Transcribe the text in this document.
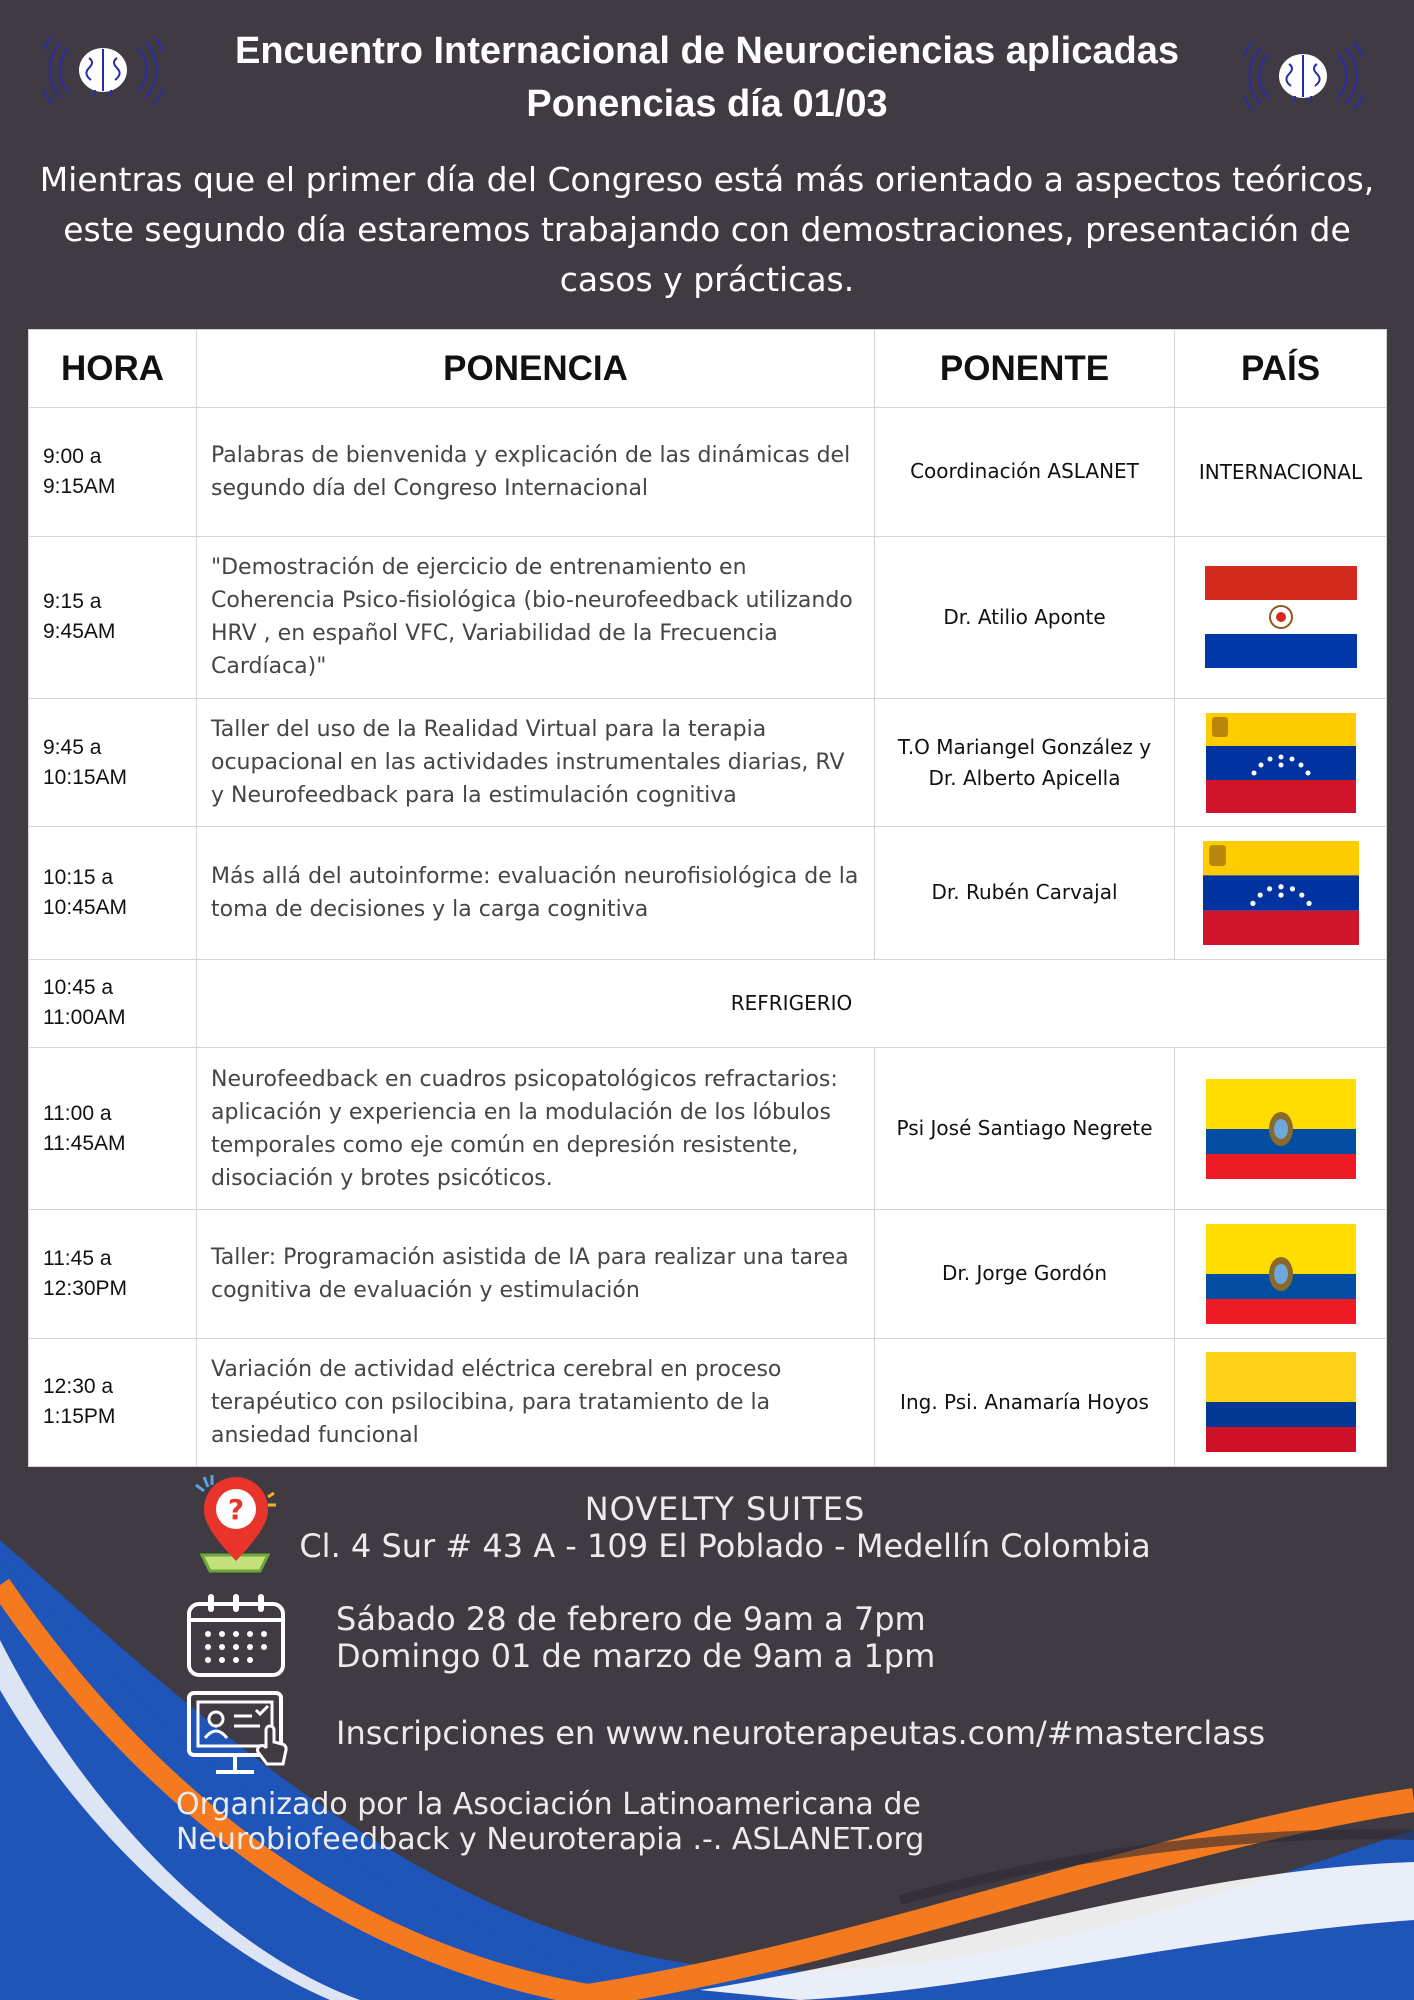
Encuentro Internacional de Neurociencias aplicadas
Ponencias día 01/03
Mientras que el primer día del Congreso está más orientado a aspectos teóricos, este segundo día estaremos trabajando con demostraciones, presentación de casos y prácticas.
HORA	PONENCIA	PONENTE	PAÍS
9:00 a
9:15AM	Palabras de bienvenida y explicación de las dinámicas del segundo día del Congreso Internacional	Coordinación ASLANET	INTERNACIONAL
9:15 a
9:45AM	"Demostración de ejercicio de entrenamiento en Coherencia Psico-fisiológica (bio-neurofeedback utilizando HRV , en español VFC, Variabilidad de la Frecuencia Cardíaca)"	Dr. Atilio Aponte	

9:45 a
10:15AM	Taller del uso de la Realidad Virtual para la terapia ocupacional en las actividades instrumentales diarias, RV y Neurofeedback para la estimulación cognitiva	T.O Mariangel González y
Dr. Alberto Apicella	

10:15 a
10:45AM	Más allá del autoinforme: evaluación neurofisiológica de la toma de decisiones y la carga cognitiva	Dr. Rubén Carvajal	

10:45 a
11:00AM	REFRIGERIO		
11:00 a
11:45AM	Neurofeedback en cuadros psicopatológicos refractarios: aplicación y experiencia en la modulación de los lóbulos temporales como eje común en depresión resistente, disociación y brotes psicóticos.	Psi José Santiago Negrete	

11:45 a
12:30PM	Taller: Programación asistida de IA para realizar una tarea cognitiva de evaluación y estimulación	Dr. Jorge Gordón	

12:30 a
1:15PM	Variación de actividad eléctrica cerebral en proceso terapéutico con psilocibina, para tratamiento de la ansiedad funcional	Ing. Psi. Anamaría Hoyos	
?	NOVELTY SUITES
Cl. 4 Sur # 43 A - 109 El Poblado - Medellín Colombia
Sábado 28 de febrero de 9am a 7pm
Domingo 01 de marzo de 9am a 1pm
Inscripciones en www.neuroterapeutas.com/#masterclass
Organizado por la Asociación Latinoamericana de
Neurobiofeedback y Neuroterapia .-. ASLANET.org
